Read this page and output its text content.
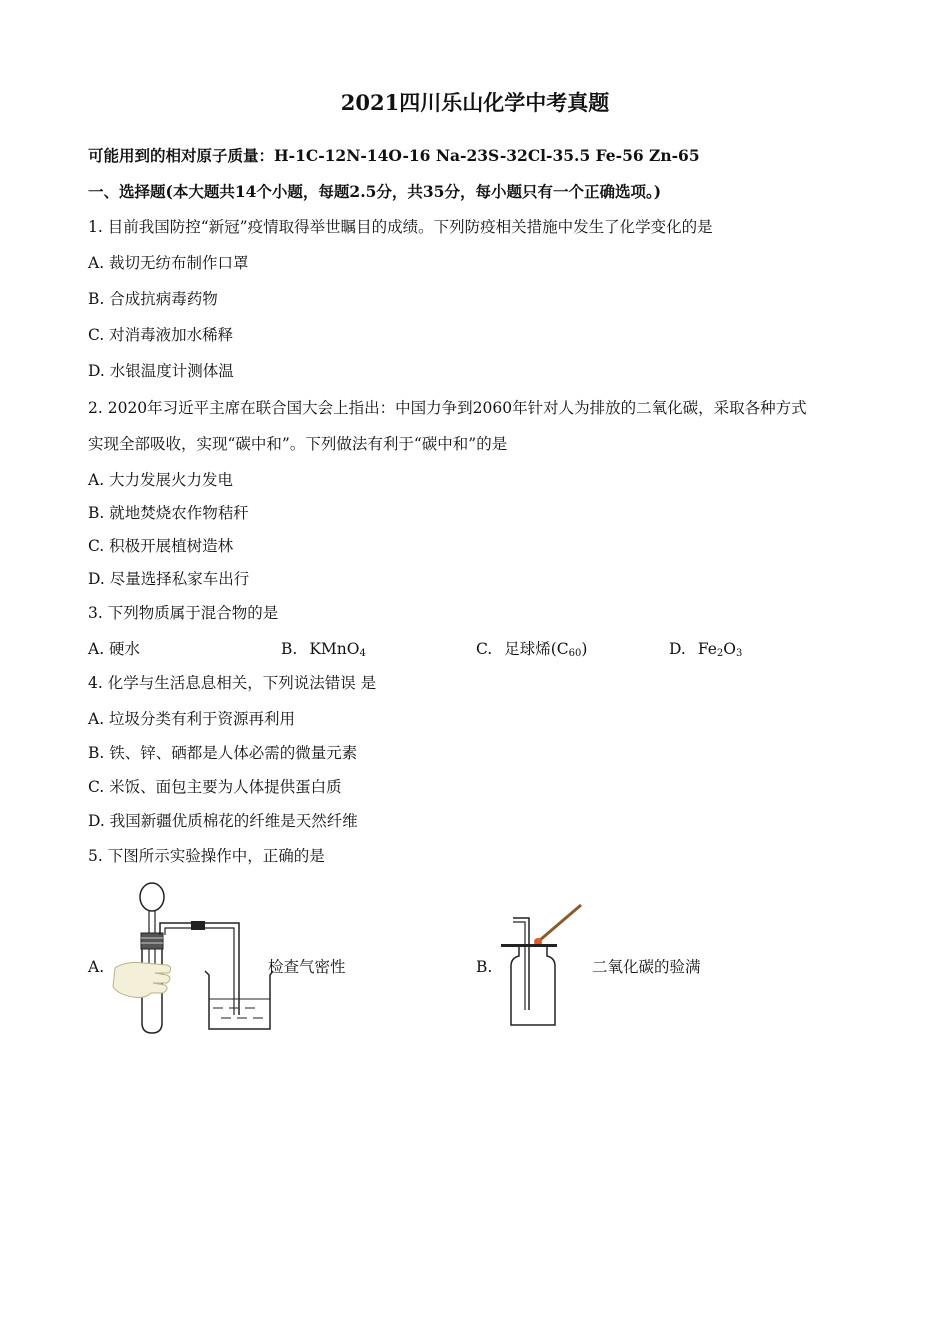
2021四川乐山化学中考真题
可能用到的相对原子质量：H-1C-12N-14O-16 Na-23S-32Cl-35.5 Fe-56 Zn-65
一、选择题(本大题共14个小题，每题2.5分，共35分，每小题只有一个正确选项。)
1. 目前我国防控“新冠”疫情取得举世瞩目的成绩。下列防疫相关措施中发生了化学变化的是
A. 裁切无纺布制作口罩
B. 合成抗病毒药物
C. 对消毒液加水稀释
D. 水银温度计测体温
2. 2020年习近平主席在联合国大会上指出：中国力争到2060年针对人为排放的二氧化碳，采取各种方式
实现全部吸收，实现“碳中和”。下列做法有利于“碳中和”的是
A. 大力发展火力发电
B. 就地焚烧农作物秸秆
C. 积极开展植树造林
D. 尽量选择私家车出行
3. 下列物质属于混合物的是
A. 硬水	B. KMnO$_4$	C. 足球烯$(C_{60})$	D. $Fe_2O_3$
4. 化学与生活息息相关，下列说法错误 是
A. 垃圾分类有利于资源再利用
B. 铁、锌、硒都是人体必需的微量元素
C. 米饭、面包主要为人体提供蛋白质
D. 我国新疆优质棉花的纤维是天然纤维
5. 下图所示实验操作中，正确的是
A.	检查气密性	B.	二氧化碳的验满
